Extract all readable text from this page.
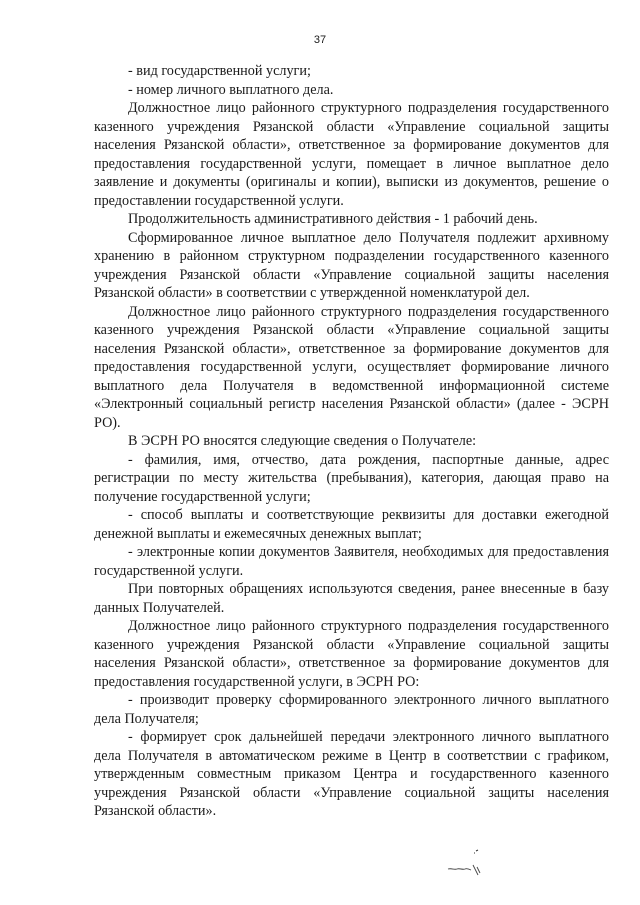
37

- вид государственной услуги;

- номер личного выплатного дела.

Должностное лицо районного структурного подразделения государственного казенного учреждения Рязанской области «Управление социальной защиты населения Рязанской области», ответственное за формирование документов для предоставления государственной услуги, помещает в личное выплатное дело заявление и документы (оригиналы и копии), выписки из документов, решение о предоставлении государственной услуги.

Продолжительность административного действия - 1 рабочий день.

Сформированное личное выплатное дело Получателя подлежит архивному хранению в районном структурном подразделении государственного казенного учреждения Рязанской области «Управление социальной защиты населения Рязанской области» в соответствии с утвержденной номенклатурой дел.

Должностное лицо районного структурного подразделения государственного казенного учреждения Рязанской области «Управление социальной защиты населения Рязанской области», ответственное за формирование документов для предоставления государственной услуги, осуществляет формирование личного выплатного дела Получателя в ведомственной информационной системе «Электронный социальный регистр населения Рязанской области» (далее - ЭСРН РО).

В ЭСРН РО вносятся следующие сведения о Получателе:

- фамилия, имя, отчество, дата рождения, паспортные данные, адрес регистрации по месту жительства (пребывания), категория, дающая право на получение государственной услуги;

- способ выплаты и соответствующие реквизиты для доставки ежегодной денежной выплаты и ежемесячных денежных выплат;

- электронные копии документов Заявителя, необходимых для предоставления государственной услуги.

При повторных обращениях используются сведения, ранее внесенные в базу данных Получателей.

Должностное лицо районного структурного подразделения государственного казенного учреждения Рязанской области «Управление социальной защиты населения Рязанской области», ответственное за формирование документов для предоставления государственной услуги, в ЭСРН РО:

- производит проверку сформированного электронного личного выплатного дела Получателя;

- формирует срок дальнейшей передачи электронного личного выплатного дела Получателя в автоматическом режиме в Центр в соответствии с графиком, утвержденным совместным приказом Центра и государственного казенного учреждения Рязанской области «Управление социальной защиты населения Рязанской области».
